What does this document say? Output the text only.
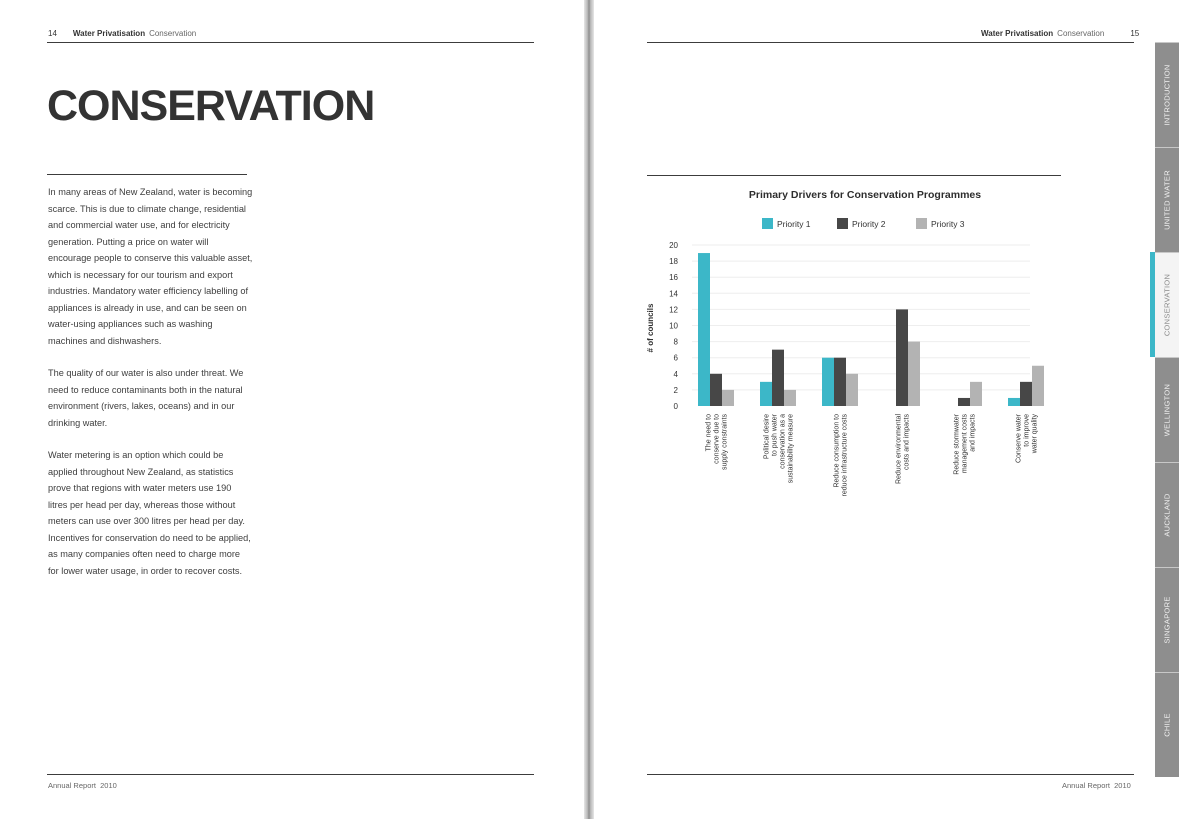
14 Water Privatisation Conservation
CONSERVATION

In many areas of New Zealand, water is becoming scarce. This is due to climate change, residential and commercial water use, and for electricity generation. Putting a price on water will encourage people to conserve this valuable asset, which is necessary for our tourism and export industries. Mandatory water efficiency labelling of appliances is already in use, and can be seen on water-using appliances such as washing machines and dishwashers.

The quality of our water is also under threat. We need to reduce contaminants both in the natural environment (rivers, lakes, oceans) and in our drinking water.

Water metering is an option which could be applied throughout New Zealand, as statistics prove that regions with water meters use 190 litres per head per day, whereas those without meters can use over 300 litres per head per day. Incentives for conservation do need to be applied, as many companies often need to charge more for lower water usage, in order to recover costs.

Annual Report 2010
Water Privatisation Conservation	15
Primary Drivers for Conservation Programmes
Priority 1	Priority 2	Priority 3
# of councils
0
2
4
6
8
10
12
14
16
18
20
The need to conserve due to supply constraints	Political desire to push water conservation as a sustainability measure	Reduce consumption to reduce infrastructure costs	Reduce environmental costs and impacts	Reduce stormwater management costs and impacts	Conserve water to improve water quality
Annual Report 2010
INTRODUCTION
UNITED WATER
CONSERVATION
WELLINGTON
AUCKLAND
SINGAPORE
CHILE
